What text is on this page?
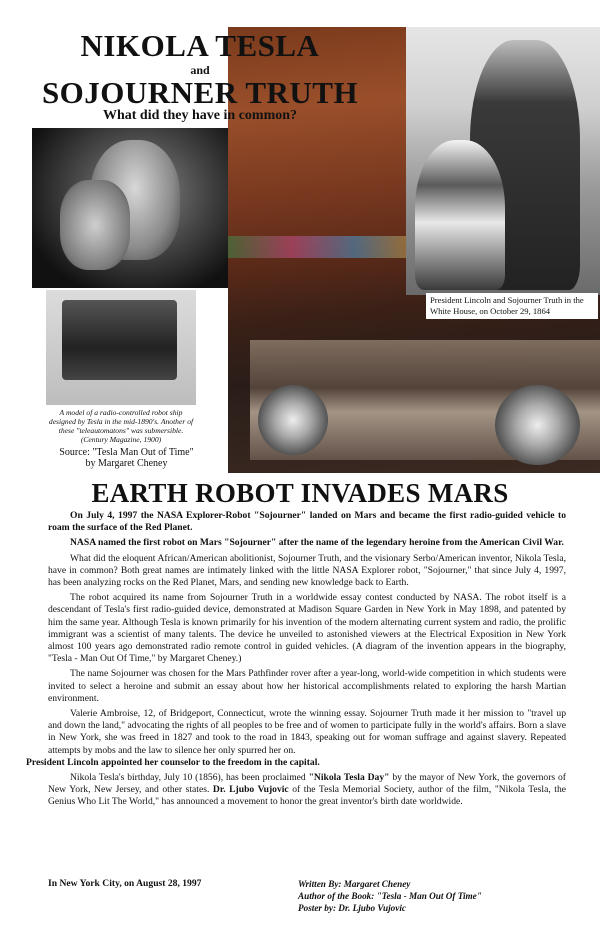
President Lincoln and Sojourner Truth in the White House, on October 29, 1864
A model of a radio-controlled robot ship designed by Tesla in the mid-1890's. Another of these "teleautomatons" was submersible. (Century Magazine, 1900)
Source: "Tesla Man Out of Time"
by Margaret Cheney
NIKOLA TESLA
and
SOJOURNER TRUTH
What did they have in common?
EARTH ROBOT INVADES MARS

On July 4, 1997 the NASA Explorer-Robot "Sojourner" landed on Mars and became the first radio-guided vehicle to roam the surface of the Red Planet.

NASA named the first robot on Mars "Sojourner" after the name of the legendary heroine from the American Civil War.

What did the eloquent African/American abolitionist, Sojourner Truth, and the visionary Serbo/American inventor, Nikola Tesla, have in common? Both great names are intimately linked with the little NASA Explorer robot, "Sojourner," that since July 4, 1997, has been analyzing rocks on the Red Planet, Mars, and sending new knowledge back to Earth.

The robot acquired its name from Sojourner Truth in a worldwide essay contest conducted by NASA. The robot itself is a descendant of Tesla's first radio-guided device, demonstrated at Madison Square Garden in New York in May 1898, and patented by him the same year. Although Tesla is known primarily for his invention of the modern alternating current system and radio, the prolific immigrant was a scientist of many talents. The device he unveiled to astonished viewers at the Electrical Exposition in New York almost 100 years ago demonstrated radio remote control in guided vehicles. (A diagram of the invention appears in the biography, "Tesla - Man Out Of Time," by Margaret Cheney.)

The name Sojourner was chosen for the Mars Pathfinder rover after a year-long, world-wide competition in which students were invited to select a heroine and submit an essay about how her historical accomplishments related to exploring the harsh Martian environment.

Valerie Ambroise, 12, of Bridgeport, Connecticut, wrote the winning essay. Sojourner Truth made it her mission to "travel up and down the land," advocating the rights of all peoples to be free and of women to participate fully in the world's affairs. Born a slave in New York, she was freed in 1827 and took to the road in 1843, speaking out for woman suffrage and against slavery. Repeated attempts by mobs and the law to silence her only spurred her on.
President Lincoln appointed her counselor to the freedom in the capital.

Nikola Tesla's birthday, July 10 (1856), has been proclaimed "Nikola Tesla Day" by the mayor of New York, the governors of New York, New Jersey, and other states. Dr. Ljubo Vujovic of the Tesla Memorial Society, author of the film, "Nikola Tesla, the Genius Who Lit The World," has announced a movement to honor the great inventor's birth date worldwide.

In New York City, on August 28, 1997	Written By: Margaret Cheney
Author of the Book: "Tesla - Man Out Of Time"
Poster by: Dr. Ljubo Vujovic
